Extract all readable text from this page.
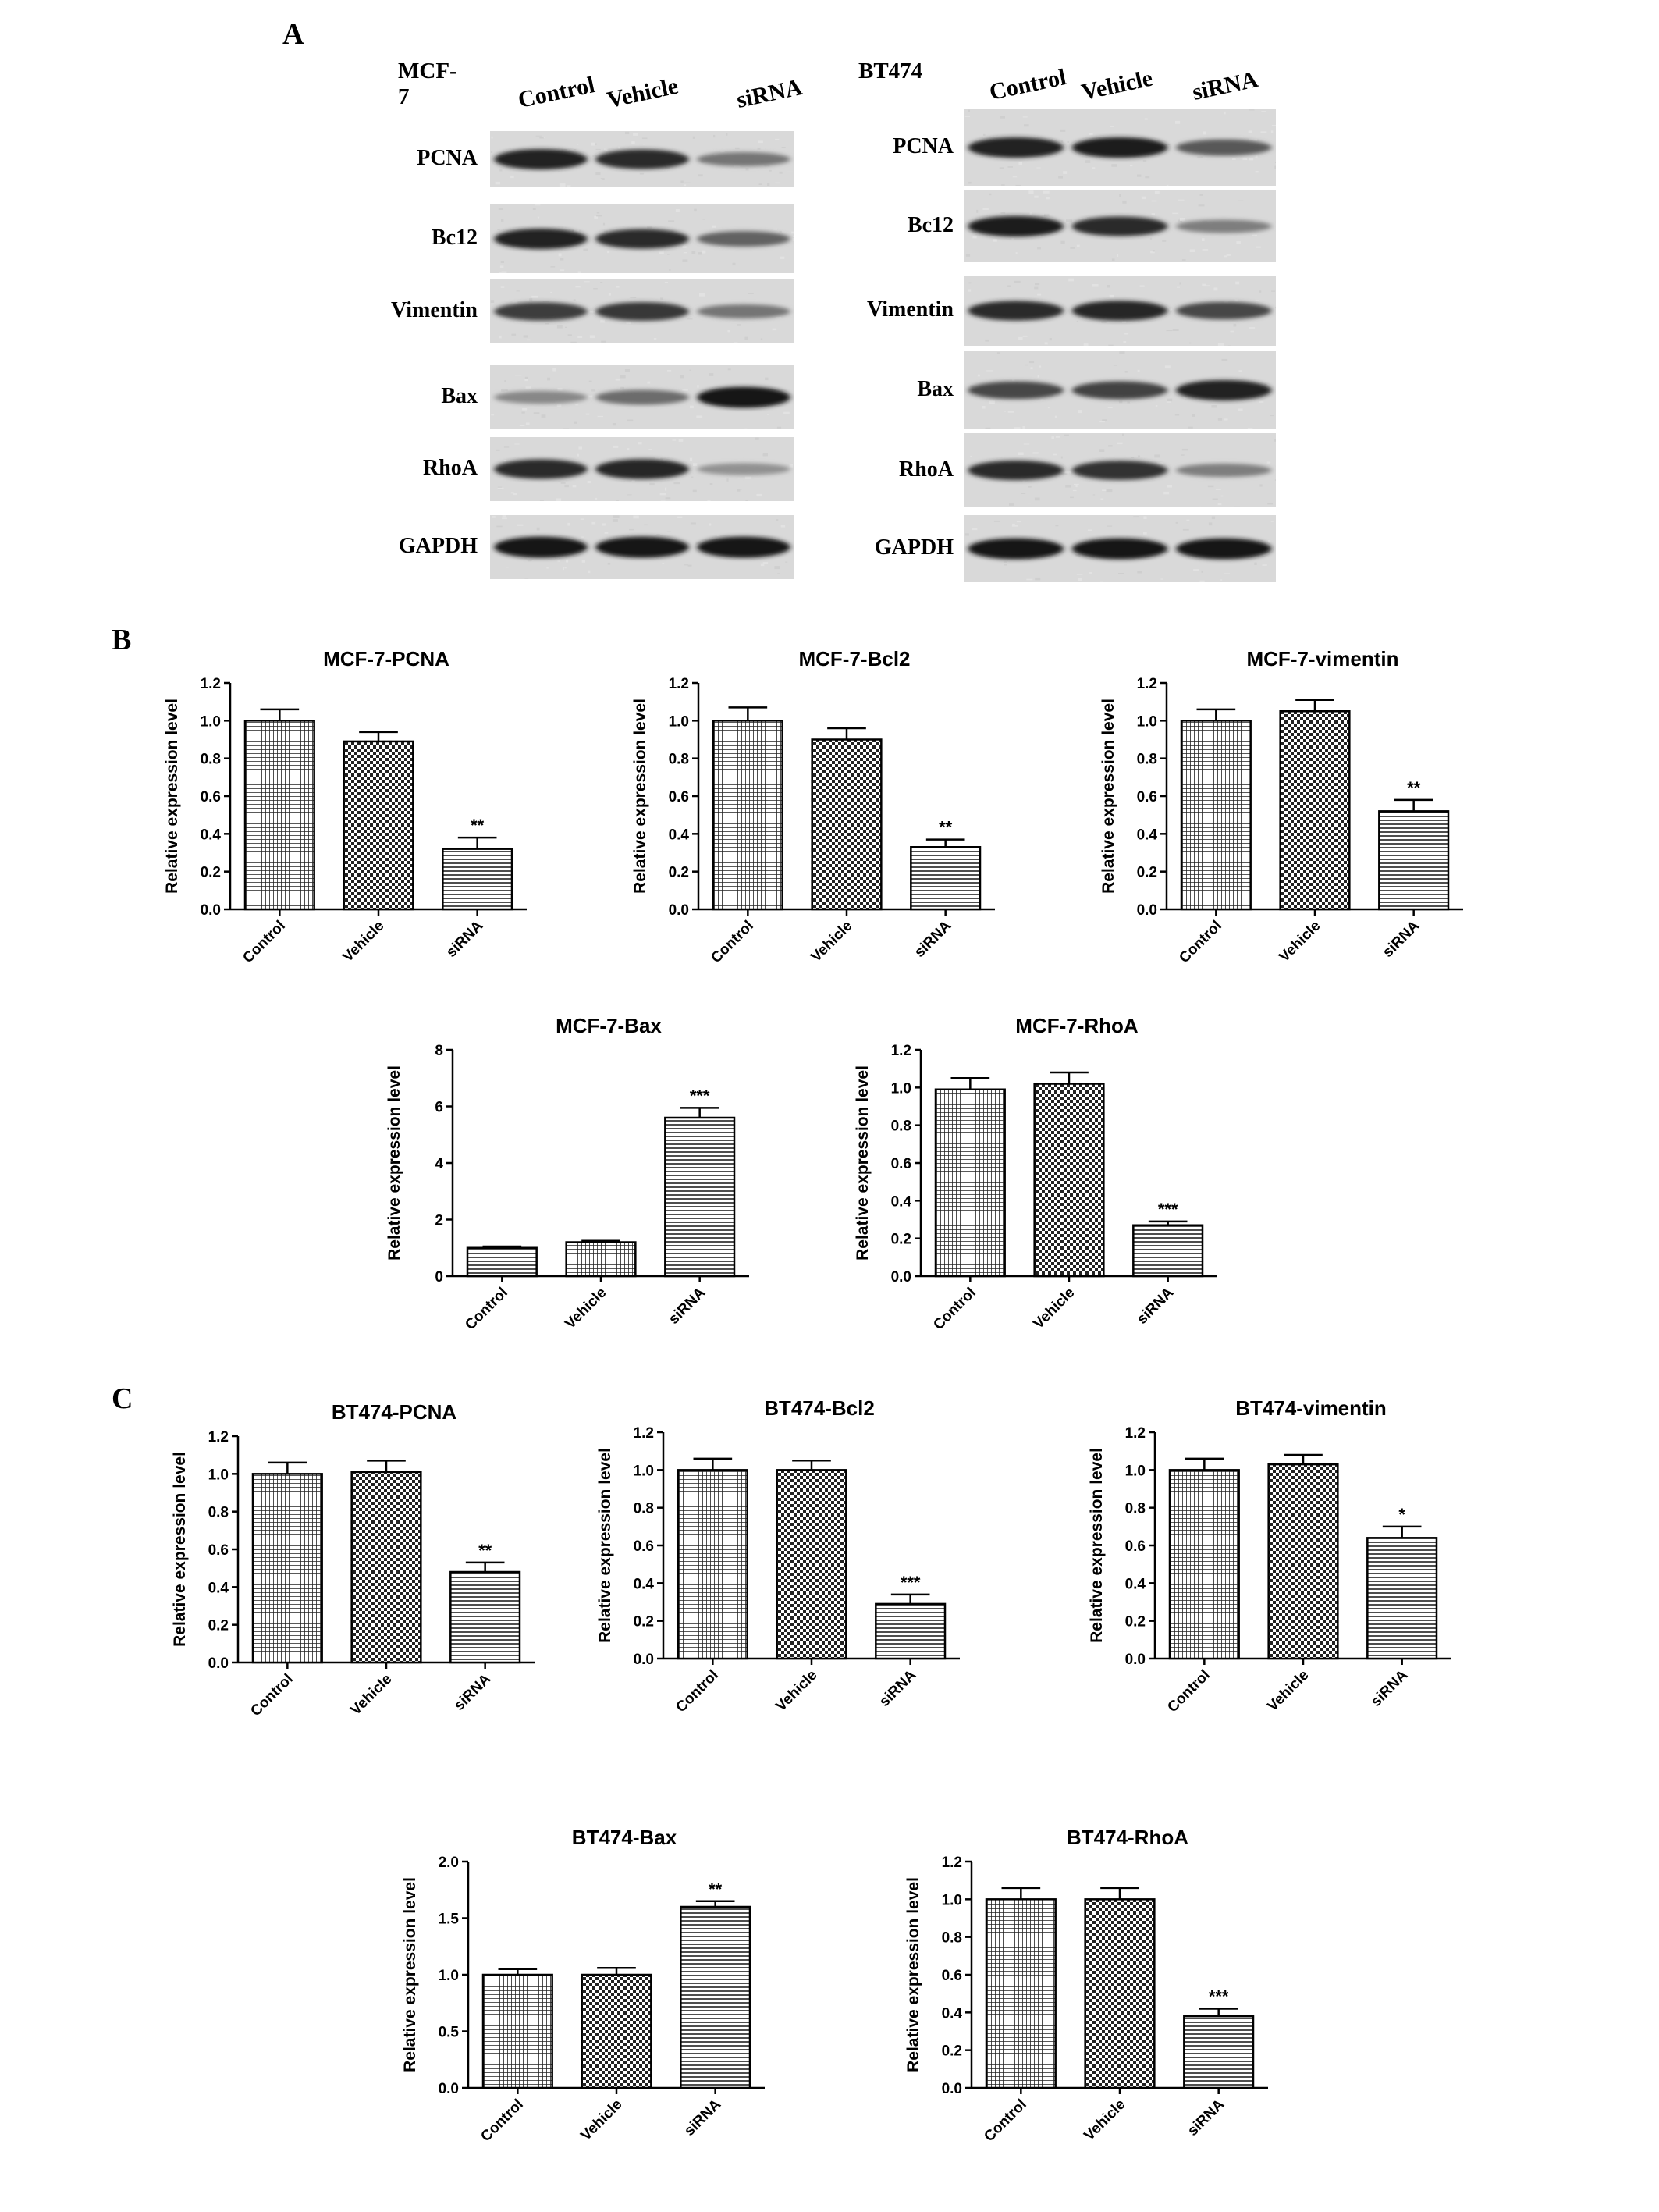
A
B
C
MCF-7	Control Vehicle siRNA
PCNA
Bc12
Vimentin
Bax
RhoA
GAPDH
BT474	Control Vehicle siRNA
PCNA
Bc12
Vimentin
Bax
RhoA
GAPDH
MCF-7-PCNA
Relative expression level
0.0
0.2
0.4
0.6
0.8
1.0
1.2
Control	Vehicle
**
siRNA
MCF-7-Bcl2
Relative expression level
0.0
0.2
0.4
0.6
0.8
1.0
1.2
Control	Vehicle
**
siRNA
MCF-7-vimentin
Relative expression level
0.0
0.2
0.4
0.6
0.8
1.0
1.2
Control	Vehicle
**
siRNA
MCF-7-Bax
Relative expression level
0
2
4
6
8
Control	Vehicle
***
siRNA
MCF-7-RhoA
Relative expression level
0.0
0.2
0.4
0.6
0.8
1.0
1.2
Control	Vehicle
***
siRNA
BT474-PCNA
Relative expression level
0.0
0.2
0.4
0.6
0.8
1.0
1.2
Control	Vehicle
**
siRNA
BT474-Bcl2
Relative expression level
0.0
0.2
0.4
0.6
0.8
1.0
1.2
Control	Vehicle
***
siRNA
BT474-vimentin
Relative expression level
0.0
0.2
0.4
0.6
0.8
1.0
1.2
Control	Vehicle
*
siRNA
BT474-Bax
Relative expression level
0.0
0.5
1.0
1.5
2.0
Control	Vehicle
**
siRNA
BT474-RhoA
Relative expression level
0.0
0.2
0.4
0.6
0.8
1.0
1.2
Control	Vehicle
***
siRNA
